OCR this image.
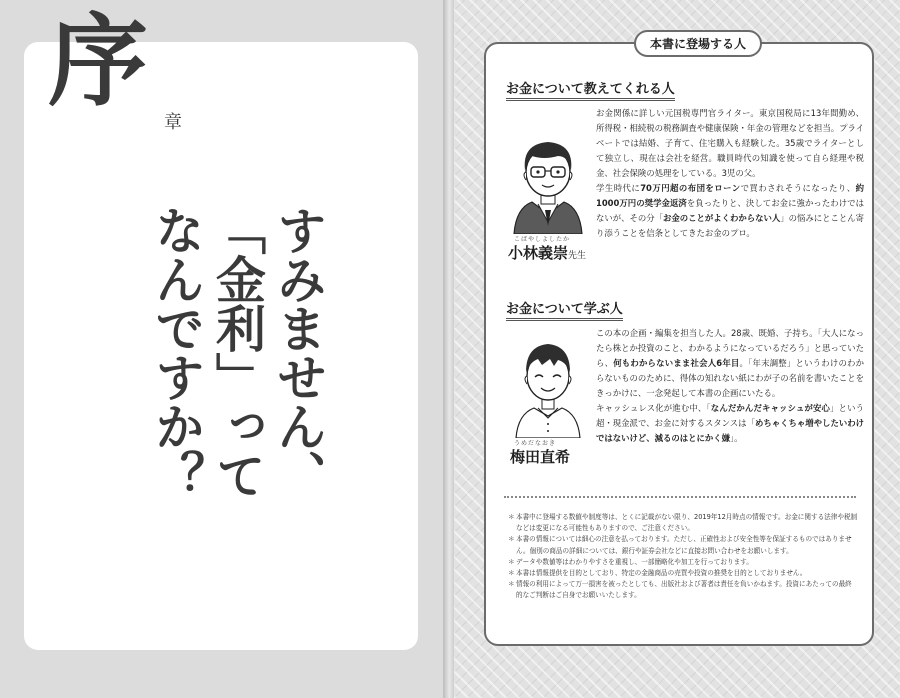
序
章
すみません、
「金利」って
なんですか？
本書に登場する人
お金について教えてくれる人
こばやしよしたか
小林義崇先生

お金関係に詳しい元国税専門官ライター。東京国税局に13年間勤め、所得税・相続税の税務調査や健康保険・年金の管理などを担当。プライベートでは結婚、子育て、住宅購入も経験した。35歳でライターとして独立し、現在は会社を経営。職員時代の知識を使って自ら経理や税金、社会保険の処理をしている。3児の父。

学生時代に70万円超の布団をローンで買わされそうになったり、約1000万円の奨学金返済を負ったりと、決してお金に強かったわけではないが、その分「お金のことがよくわからない人」の悩みにとことん寄り添うことを信条としてきたお金のプロ。

お金について学ぶ人
うめだなおき
梅田直希

この本の企画・編集を担当した人。28歳、既婚、子持ち。「大人になったら株とか投資のこと、わかるようになっているだろう」と思っていたら、何もわからないまま社会人6年目。「年末調整」というわけのわからないもののために、得体の知れない紙にわが子の名前を書いたことをきっかけに、一念発起して本書の企画にいたる。

キャッシュレス化が進む中、「なんだかんだキャッシュが安心」という超・現金派で、お金に対するスタンスは「めちゃくちゃ増やしたいわけではないけど、減るのはとにかく嫌」。

＊ 本書中に登場する数値や制度等は、とくに記載がない限り、2019年12月時点の情報です。お金に関する法律や税制などは変更になる可能性もありますので、ご注意ください。
＊ 本書の情報については細心の注意を払っております。ただし、正確性および安全性等を保証するものではありません。個別の商品の詳細については、銀行や証券会社などに直接お問い合わせをお願いします。
＊ データや数値等はわかりやすさを重視し、一部簡略化や加工を行っております。
＊ 本書は情報提供を目的としており、特定の金融商品の売買や投資の推奨を目的としておりません。
＊ 情報の利用によって万一損害を被ったとしても、出版社および著者は責任を負いかねます。投資にあたっての最終的なご判断はご自身でお願いいたします。
